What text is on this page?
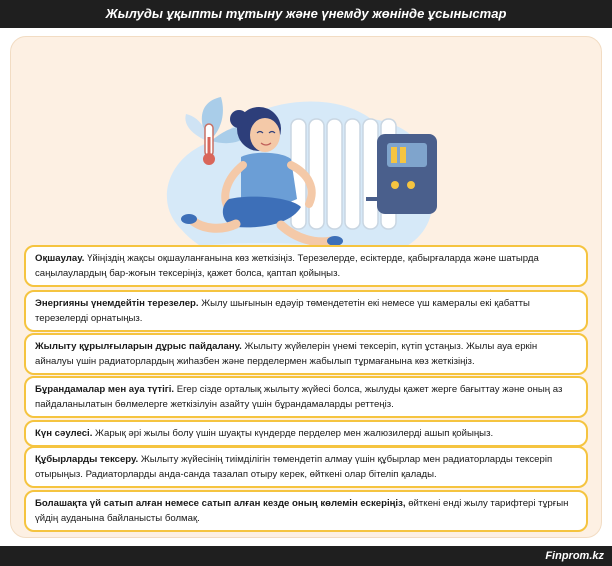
Жылуды ұқыпты тұтыну және үнемду жөнінде ұсыныстар
Оқшаулау. Үйіңіздің жақсы оқшауланғанына көз жеткізіңіз. Терезелерде, есіктерде, қабырғаларда және шатырда саңылаулардың бар-жоғын тексеріңіз, қажет болса, қаптап қойыңыз.
Энергияны үнемдейтін терезелер. Жылу шығынын едәуір төмендететін екі немесе үш камералы екі қабатты терезелерді орнатыңыз.
Жылыту құрылғыларын дұрыс пайдалану. Жылыту жүйелерін үнемі тексеріп, күтіп ұстаңыз. Жылы ауа еркін айналуы үшін радиаторлардың жиһазбен және перделермен жабылып тұрмағанына көз жеткізіңіз.
Бұрандамалар мен ауа түтігі. Егер сізде орталық жылыту жүйесі болса, жылуды қажет жерге бағыттау және оның аз пайдаланылатын бөлмелерге жеткізілуін азайту үшін бұрандамаларды реттеңіз.
Күн сәулесі. Жарық әрі жылы болу үшін шуақты күндерде перделер мен жалюзилерді ашып қойыңыз.
Құбырларды тексеру. Жылыту жүйесінің тиімділігін төмендетіп алмау үшін құбырлар мен радиаторларды тексеріп отырыңыз. Радиаторларды анда-санда тазалап отыру керек, өйткені олар бітеліп қалады.
Болашақта үй сатып алған немесе сатып алған кезде оның көлемін ескеріңіз, өйткені енді жылу тарифтері тұрғын үйдің ауданына байланысты болмақ.
Finprom.kz
